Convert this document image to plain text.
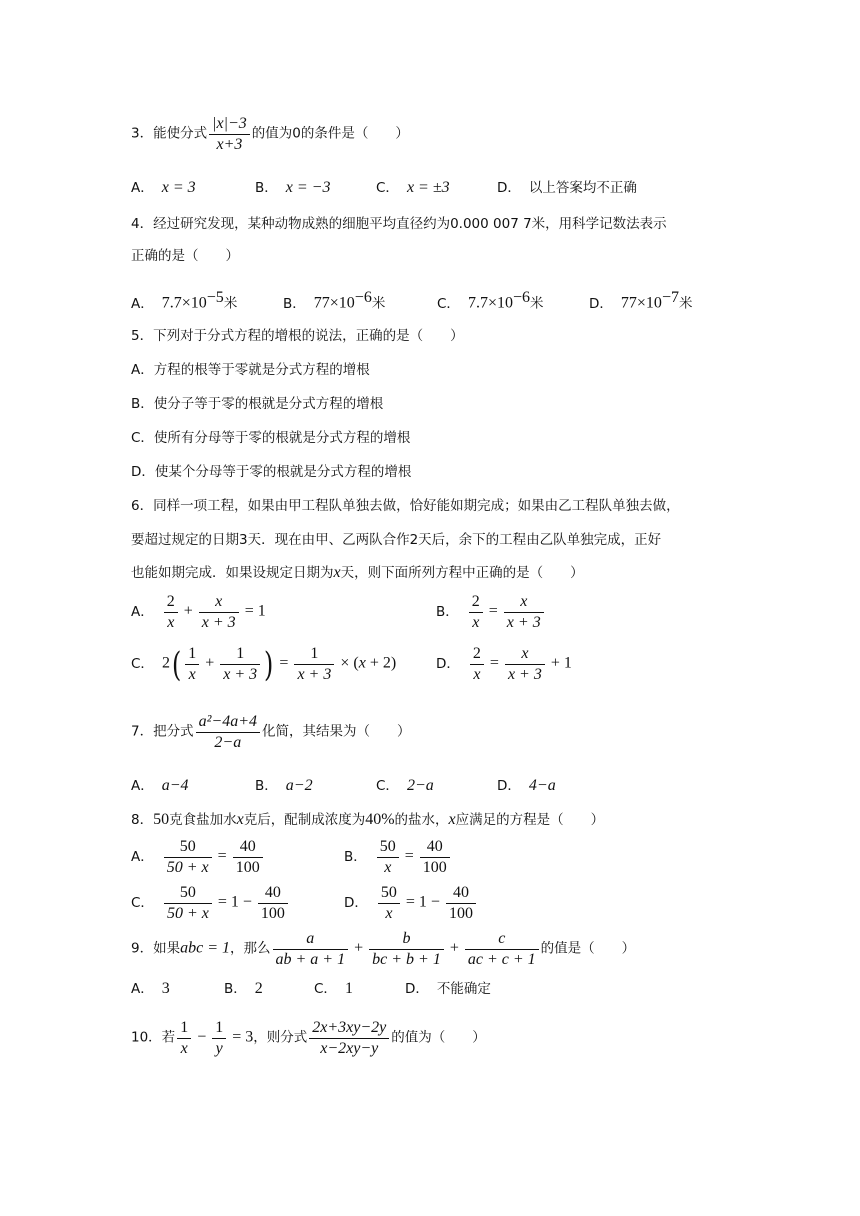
3．能使分式 $\frac{|x|-3}{x+3}$ 的值为0的条件是（　　）
A． x = 3	B． x = −3	C． x = ±3	D． 以上答案均不正确
4．经过研究发现，某种动物成熟的细胞平均直径约为0.000 007 7米，用科学记数法表示
正确的是（　　）
A． $7.7\times 10^{-5}$米	B． $77\times 10^{-6}$米	C． $7.7\times 10^{-6}$米	D． $77\times 10^{-7}$米
5．下列对于分式方程的增根的说法，正确的是（　　）
A．方程的根等于零就是分式方程的增根
B．使分子等于零的根就是分式方程的增根
C．使所有分母等于零的根就是分式方程的增根
D．使某个分母等于零的根就是分式方程的增根
6．同样一项工程，如果由甲工程队单独去做，恰好能如期完成；如果由乙工程队单独去做，
要超过规定的日期3天．现在由甲、乙两队合作2天后，余下的工程由乙队单独完成，正好
也能如期完成．如果设规定日期为x天，则下面所列方程中正确的是（　　）
A． $\frac{2}{x} + \frac{x}{x + 3} = 1$	B． $\frac{2}{x} = \frac{x}{x + 3}$
C． $2( \frac{1}{x} + \frac{1}{x + 3}$ ) = $\frac{1}{x + 3} \times (x + 2)$	D． $\frac{2}{x} = \frac{x}{x + 3} + 1$
7．把分式 $\frac{\text{a²−4a+4}}{2-a}$ 化简，其结果为（　　）
A． a−4	B． a−2	C． 2−a	D． 4−a
8．50克食盐加水x克后，配制成浓度为40%的盐水，x应满足的方程是（　　）
A． $\frac{50}{50 + x} = \frac{40}{100}$	B． $\frac{50}{x} = \frac{40}{100}$
C． $\frac{50}{50 + x} = 1 - \frac{40}{100}$	D． $\frac{50}{x} = 1 - \frac{40}{100}$
9．如果abc = 1，那么 $\frac{a}{ab + a + 1} + \frac{b}{bc + b + 1} + \frac{c}{ac + c + 1}$ 的值是（　　）
A． 3	B． 2	C． 1	D． 不能确定
10．若 $\frac{1}{x} - \frac{1}{y} = 3$，则分式 $\frac{2x+3xy-2y}{x-2xy-y}$ 的值为（　　）
